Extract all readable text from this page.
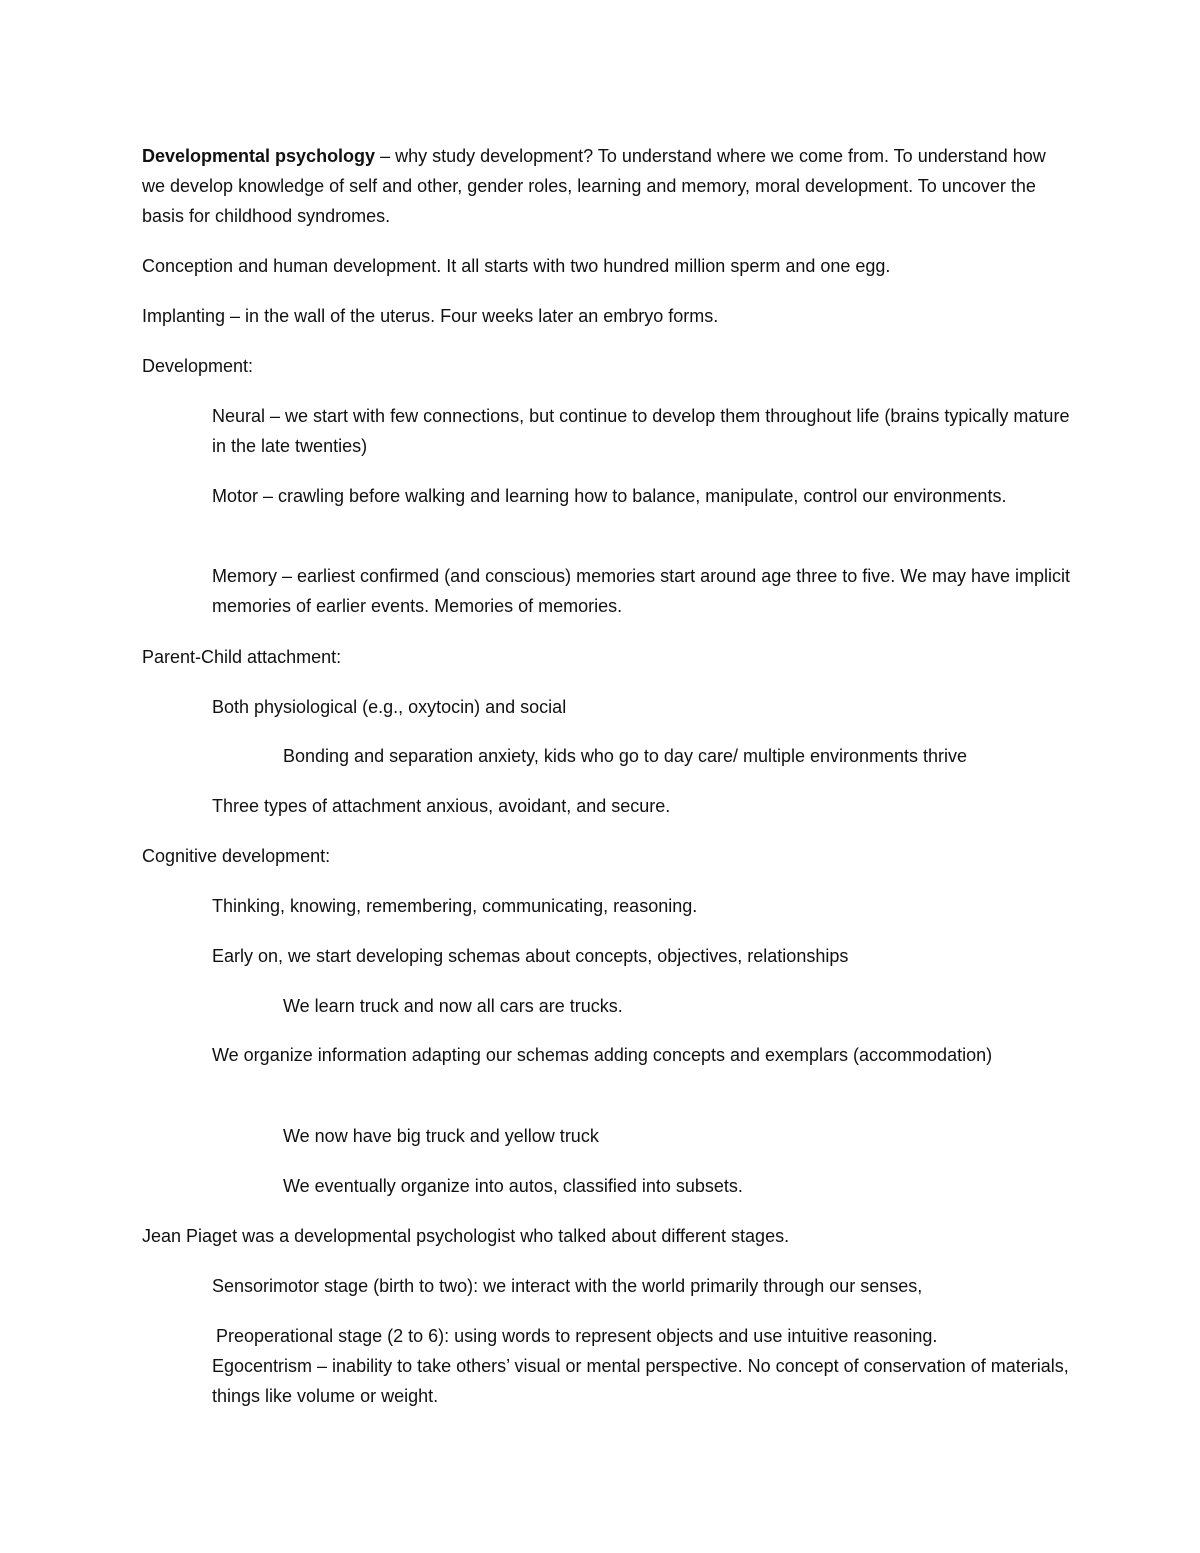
Developmental psychology – why study development? To understand where we come from. To understand how we develop knowledge of self and other, gender roles, learning and memory, moral development. To uncover the basis for childhood syndromes.

Conception and human development. It all starts with two hundred million sperm and one egg.

Implanting – in the wall of the uterus. Four weeks later an embryo forms.

Development:

Neural – we start with few connections, but continue to develop them throughout life (brains typically mature in the late twenties)

Motor – crawling before walking and learning how to balance, manipulate, control our environments.

Memory – earliest confirmed (and conscious) memories start around age three to five. We may have implicit memories of earlier events. Memories of memories.

Parent-Child attachment:

Both physiological (e.g., oxytocin) and social

Bonding and separation anxiety, kids who go to day care/ multiple environments thrive

Three types of attachment anxious, avoidant, and secure.

Cognitive development:

Thinking, knowing, remembering, communicating, reasoning.

Early on, we start developing schemas about concepts, objectives, relationships

We learn truck and now all cars are trucks.

We organize information adapting our schemas adding concepts and exemplars (accommodation)

We now have big truck and yellow truck

We eventually organize into autos, classified into subsets.

Jean Piaget was a developmental psychologist who talked about different stages.

Sensorimotor stage (birth to two): we interact with the world primarily through our senses,

Preoperational stage (2 to 6): using words to represent objects and use intuitive reasoning.

Egocentrism – inability to take others’ visual or mental perspective. No concept of conservation of materials, things like volume or weight.
